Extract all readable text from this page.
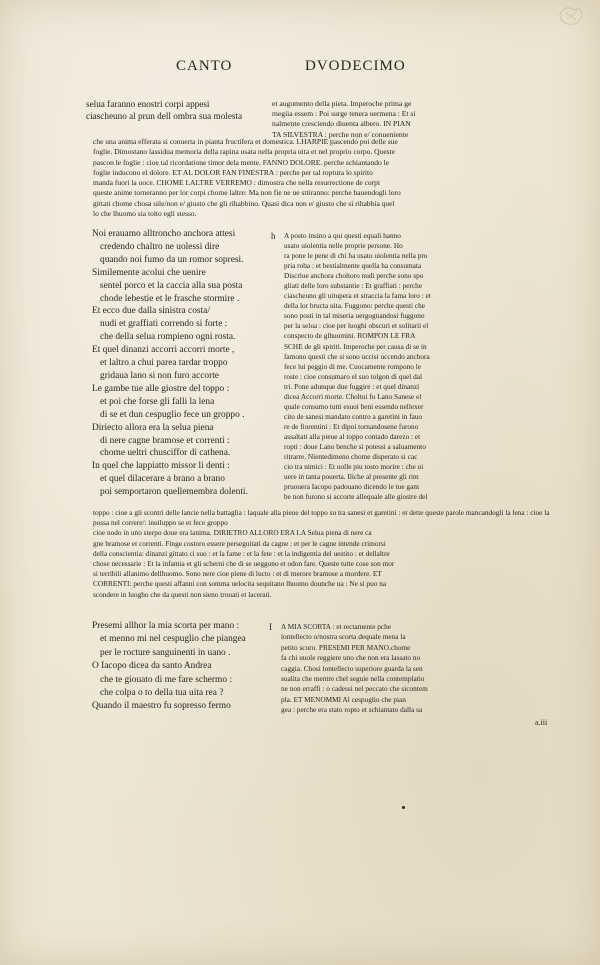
CANTO	DVODECIMO
selua faranno enostri corpi appesi
ciascheuno al prun dell ombra sua molesta
et augumento della pieta. Imperoche prima ge
megiia essem : Poi surge tenera uermena : Et si
nalmente cresciendo diuenta albero. IN PIAN
TA SILVESTRA : perche non e/ conueniente
che una anima efferata si conuerta in pianta fructifera et domestica. LHARPIE pascendo poi delle sue
foglie. Dimostano lassidua memoria della rapina usata nella propria uita et nel proprio corpo. Queste
pascon le foglie : cioe tal ricordatione timor dela mente. FANNO DOLORE. perche schiantando le
foglie inducono el dolore. ET AL DOLOR FAN FINESTRA : perche per tal roptura lo spirito
manda fuori la uoce. CHOME LALTRE VERREMO : dimostra che nella resurrectione de corpi
queste anime torneranno per lor corpi chome laltre: Ma non fie ne ue sttiranno: perche hauendogli loro
gittati chome chosa uile/non e/ giusto che gli rihabbino. Quasi dica non e/ giusto che si rihabbia quel
lo che lhuomo sia tolto egli stesso.
Noi erauamo alltroncho anchora attesi
credendo chaltro ne uolessi dire
quando noi fumo da un romor sopresi.
Similemente acolui che uenire
sentel porco et la caccia alla sua posta
chode lebestie et le frasche stormire .
Et ecco due dalla sinistra costa/
nudi et graffiati correndo si forte :
che della selua rompieno ogni rosta.
Et quel dinanzi accorri accorri morte ,
et laltro a chui parea tardar troppo
gridaua lano si non furo accorte
Le gambe tue alle giostre del toppo :
et poi che forse gli falli la lena
di se et dun cespuglio fece un groppo .
Diriecto allora era la selua piena
di nere cagne bramose et correnti :
chome ueltri chusciffor di cathena.
In quel che lappiatto missor li denti :
et quel dilacerare a brano a brano
poi semportaron quellemembra dolenti.
h A posto insino a qui questi equali hanno
usato uiolentia nelle proprie persone. Ho
ra pone le pene di chi ha usato uiolentia nella pro
pria roba : et bestialmente quella ha consumata
Discriue anchora choltoro nudi perche sono spo
gliati delle loro substantie : Et graffiati : perche
ciascheuno gli uitupera et straccia la fama loro : et
della lor bructa uita. Fuggono: perche questi che
sono posti in tal miseria uergognandosi fuggono
per la selua : cioe per luoghi obscuri et solitarii el
conspecto de glhuomini. ROMPON LE FRA
SCHE de gli spiriti. Imperoche per causa di se in
famono questi che si sono uccisi uccendo anchora
fece lui peggio di me. Cuocamente rompono le
roste : cioe consumaro el suo tolgon di quel dal
tri. Pone adunque due fuggire : et quel dinanzi
dicea Accorri morte. Choltui fu Lano Sanese el
quale consumo tutti esuoi beni essendo nellexer
cito de sanesi mandato contro a garetini in fauo
re de fiorentini : Et dipoi tornandosene furono
assaltati alla pieue al toppo contado darezo : et
ropti : doue Lano benche si potessi a saluamento
ritrarre. Nientedimeno chome disperato si cac
cio tra nimici : Et uolle piu tosto morire : che ui
uere in tanta pouerta. Iliche al presente gli rim
pruouera Iacopo padouano dicendo le tue gam
be non furono si accorte allequale alle giostre del
toppo : cioe a gli scontri delle lancie nella battaglia : laquale alla pieue del toppo su tra sanesi et garetini : et dette queste parole mancandogli la lena : cioe la possa nel correre/: inuiluppo se et fece groppo
cioe nodo in uno sterpo doue era lanima. DIRIETRO ALLORO ERA LA Selua piena di nere ca
gne bramose et correnti. Finge costoro essere perseguitati da cagne : et per le cagne intende crimorsi
della conscientia: dinanzi gittato ci suo : et la fame : et la fete : et la indigentia del uestito : et dellaltre
chose necessarie : Et la infamia et gli scherni che di se ueggono et odon fare. Queste tutte cose son mor
si terribili allanimo dellhuomo. Sono nere cioe piene di lucto : et di merore bramose a mordere. ET
CORRENTI: perche questi affanni con somma uelocita sequitano lhuomo dounche ua : Ne si puo na
scondere in luogho che da questi non sieno trouati et lacerati.
Presemi allhor la mia scorta per mano :
et menno mi nel cespuglio che piangea
per le rocture sanguinenti in uano .
O Iacopo dicea da santo Andrea
che te giouato di me fare schermo :
che colpa o to della tua uita rea ?
Quando il maestro fu sopresso fermo
I A MIA SCORTA : et rectamente pche
lontellecto o/nostra scorta dequale mena la
petito scuro. PRESEMI PER MANO.chome
fa chi uuole reggiere uno che non era lassato no
caggia. Chosi lontellecto superiore guarda la sen
sualita che mentre chel seguie nella contemplatio
ne non erraffi : o cadessi nel peccato che sicontem
pla. ET MENOMMI Al cespuglio che pian
gea : perche era stato ropto et schiantato dalla sa
a.iii
